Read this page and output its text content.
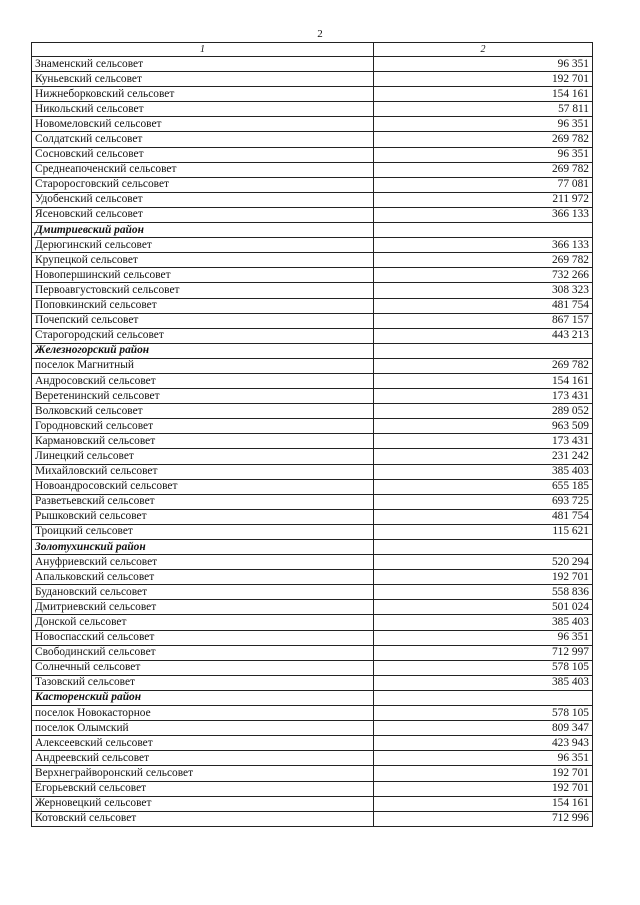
2
1	2
Знаменский сельсовет	96 351
Куньевский сельсовет	192 701
Нижнеборковский сельсовет	154 161
Никольский сельсовет	57 811
Новомеловский сельсовет	96 351
Солдатский сельсовет	269 782
Сосновский сельсовет	96 351
Среднеапоченский сельсовет	269 782
Староросговский сельсовет	77 081
Удобенский сельсовет	211 972
Ясеновский сельсовет	366 133
Дмитриевский район	
Дерюгинский сельсовет	366 133
Крупецкой сельсовет	269 782
Новопершинский сельсовет	732 266
Первоавгустовский сельсовет	308 323
Поповкинский сельсовет	481 754
Почепский сельсовет	867 157
Старогородский сельсовет	443 213
Железногорский район	
поселок Магнитный	269 782
Андросовский сельсовет	154 161
Веретенинский сельсовет	173 431
Волковский сельсовет	289 052
Городновский сельсовет	963 509
Кармановский сельсовет	173 431
Линецкий сельсовет	231 242
Михайловский сельсовет	385 403
Новоандросовский сельсовет	655 185
Разветьевский сельсовет	693 725
Рышковский сельсовет	481 754
Троицкий сельсовет	115 621
Золотухинский район	
Ануфриевский сельсовет	520 294
Апальковский сельсовет	192 701
Будановский сельсовет	558 836
Дмитриевский сельсовет	501 024
Донской сельсовет	385 403
Новоспасский сельсовет	96 351
Свободинский сельсовет	712 997
Солнечный сельсовет	578 105
Тазовский сельсовет	385 403
Касторенский район	
поселок Новокасторное	578 105
поселок Олымский	809 347
Алексеевский сельсовет	423 943
Андреевский сельсовет	96 351
Верхнеграйворонский сельсовет	192 701
Егорьевский сельсовет	192 701
Жерновецкий сельсовет	154 161
Котовский сельсовет	712 996
